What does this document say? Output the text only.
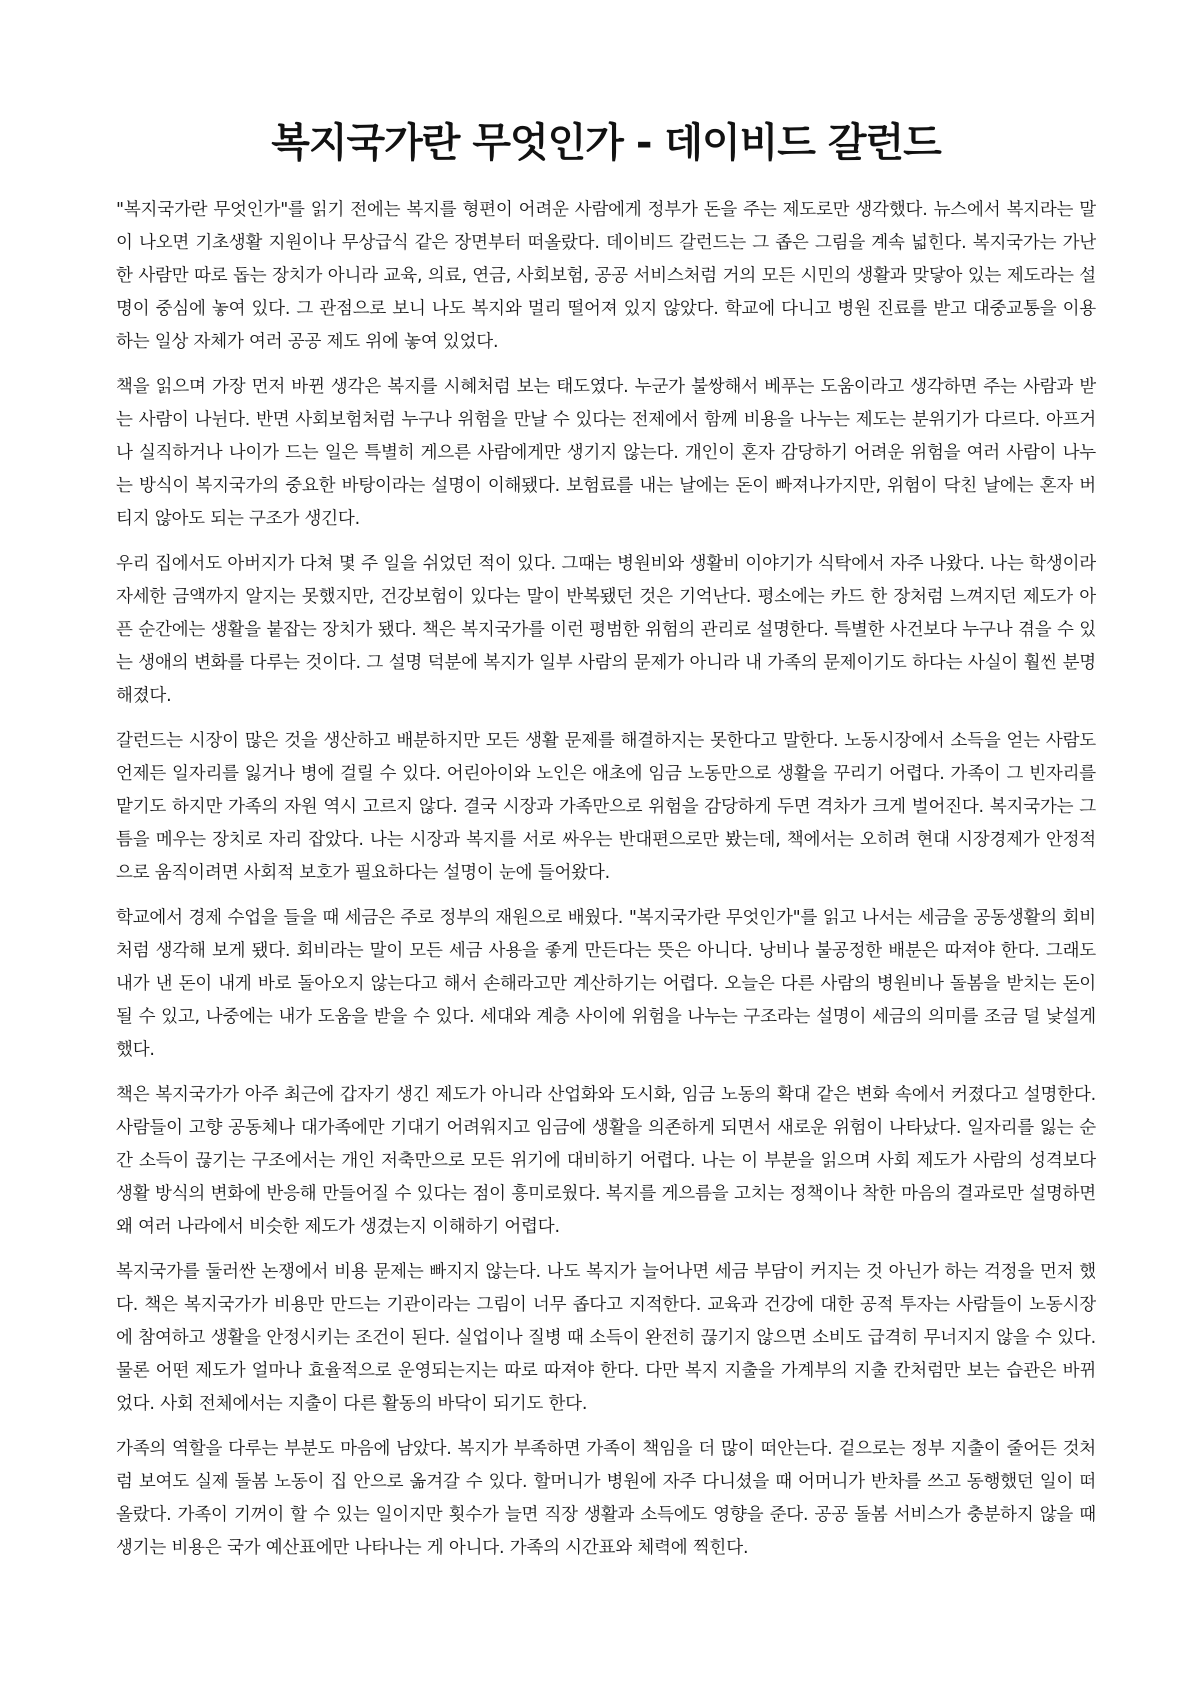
복지국가란 무엇인가 - 데이비드 갈런드

"복지국가란 무엇인가"를 읽기 전에는 복지를 형편이 어려운 사람에게 정부가 돈을 주는 제도로만 생각했다. 뉴스에서 복지라는 말이 나오면 기초생활 지원이나 무상급식 같은 장면부터 떠올랐다. 데이비드 갈런드는 그 좁은 그림을 계속 넓힌다. 복지국가는 가난한 사람만 따로 돕는 장치가 아니라 교육, 의료, 연금, 사회보험, 공공 서비스처럼 거의 모든 시민의 생활과 맞닿아 있는 제도라는 설명이 중심에 놓여 있다. 그 관점으로 보니 나도 복지와 멀리 떨어져 있지 않았다. 학교에 다니고 병원 진료를 받고 대중교통을 이용하는 일상 자체가 여러 공공 제도 위에 놓여 있었다.

책을 읽으며 가장 먼저 바뀐 생각은 복지를 시혜처럼 보는 태도였다. 누군가 불쌍해서 베푸는 도움이라고 생각하면 주는 사람과 받는 사람이 나뉜다. 반면 사회보험처럼 누구나 위험을 만날 수 있다는 전제에서 함께 비용을 나누는 제도는 분위기가 다르다. 아프거나 실직하거나 나이가 드는 일은 특별히 게으른 사람에게만 생기지 않는다. 개인이 혼자 감당하기 어려운 위험을 여러 사람이 나누는 방식이 복지국가의 중요한 바탕이라는 설명이 이해됐다. 보험료를 내는 날에는 돈이 빠져나가지만, 위험이 닥친 날에는 혼자 버티지 않아도 되는 구조가 생긴다.

우리 집에서도 아버지가 다쳐 몇 주 일을 쉬었던 적이 있다. 그때는 병원비와 생활비 이야기가 식탁에서 자주 나왔다. 나는 학생이라 자세한 금액까지 알지는 못했지만, 건강보험이 있다는 말이 반복됐던 것은 기억난다. 평소에는 카드 한 장처럼 느껴지던 제도가 아픈 순간에는 생활을 붙잡는 장치가 됐다. 책은 복지국가를 이런 평범한 위험의 관리로 설명한다. 특별한 사건보다 누구나 겪을 수 있는 생애의 변화를 다루는 것이다. 그 설명 덕분에 복지가 일부 사람의 문제가 아니라 내 가족의 문제이기도 하다는 사실이 훨씬 분명해졌다.

갈런드는 시장이 많은 것을 생산하고 배분하지만 모든 생활 문제를 해결하지는 못한다고 말한다. 노동시장에서 소득을 얻는 사람도 언제든 일자리를 잃거나 병에 걸릴 수 있다. 어린아이와 노인은 애초에 임금 노동만으로 생활을 꾸리기 어렵다. 가족이 그 빈자리를 맡기도 하지만 가족의 자원 역시 고르지 않다. 결국 시장과 가족만으로 위험을 감당하게 두면 격차가 크게 벌어진다. 복지국가는 그 틈을 메우는 장치로 자리 잡았다. 나는 시장과 복지를 서로 싸우는 반대편으로만 봤는데, 책에서는 오히려 현대 시장경제가 안정적으로 움직이려면 사회적 보호가 필요하다는 설명이 눈에 들어왔다.

학교에서 경제 수업을 들을 때 세금은 주로 정부의 재원으로 배웠다. "복지국가란 무엇인가"를 읽고 나서는 세금을 공동생활의 회비처럼 생각해 보게 됐다. 회비라는 말이 모든 세금 사용을 좋게 만든다는 뜻은 아니다. 낭비나 불공정한 배분은 따져야 한다. 그래도 내가 낸 돈이 내게 바로 돌아오지 않는다고 해서 손해라고만 계산하기는 어렵다. 오늘은 다른 사람의 병원비나 돌봄을 받치는 돈이 될 수 있고, 나중에는 내가 도움을 받을 수 있다. 세대와 계층 사이에 위험을 나누는 구조라는 설명이 세금의 의미를 조금 덜 낯설게 했다.

책은 복지국가가 아주 최근에 갑자기 생긴 제도가 아니라 산업화와 도시화, 임금 노동의 확대 같은 변화 속에서 커졌다고 설명한다. 사람들이 고향 공동체나 대가족에만 기대기 어려워지고 임금에 생활을 의존하게 되면서 새로운 위험이 나타났다. 일자리를 잃는 순간 소득이 끊기는 구조에서는 개인 저축만으로 모든 위기에 대비하기 어렵다. 나는 이 부분을 읽으며 사회 제도가 사람의 성격보다 생활 방식의 변화에 반응해 만들어질 수 있다는 점이 흥미로웠다. 복지를 게으름을 고치는 정책이나 착한 마음의 결과로만 설명하면 왜 여러 나라에서 비슷한 제도가 생겼는지 이해하기 어렵다.

복지국가를 둘러싼 논쟁에서 비용 문제는 빠지지 않는다. 나도 복지가 늘어나면 세금 부담이 커지는 것 아닌가 하는 걱정을 먼저 했다. 책은 복지국가가 비용만 만드는 기관이라는 그림이 너무 좁다고 지적한다. 교육과 건강에 대한 공적 투자는 사람들이 노동시장에 참여하고 생활을 안정시키는 조건이 된다. 실업이나 질병 때 소득이 완전히 끊기지 않으면 소비도 급격히 무너지지 않을 수 있다. 물론 어떤 제도가 얼마나 효율적으로 운영되는지는 따로 따져야 한다. 다만 복지 지출을 가계부의 지출 칸처럼만 보는 습관은 바뀌었다. 사회 전체에서는 지출이 다른 활동의 바닥이 되기도 한다.

가족의 역할을 다루는 부분도 마음에 남았다. 복지가 부족하면 가족이 책임을 더 많이 떠안는다. 겉으로는 정부 지출이 줄어든 것처럼 보여도 실제 돌봄 노동이 집 안으로 옮겨갈 수 있다. 할머니가 병원에 자주 다니셨을 때 어머니가 반차를 쓰고 동행했던 일이 떠올랐다. 가족이 기꺼이 할 수 있는 일이지만 횟수가 늘면 직장 생활과 소득에도 영향을 준다. 공공 돌봄 서비스가 충분하지 않을 때 생기는 비용은 국가 예산표에만 나타나는 게 아니다. 가족의 시간표와 체력에 찍힌다.
